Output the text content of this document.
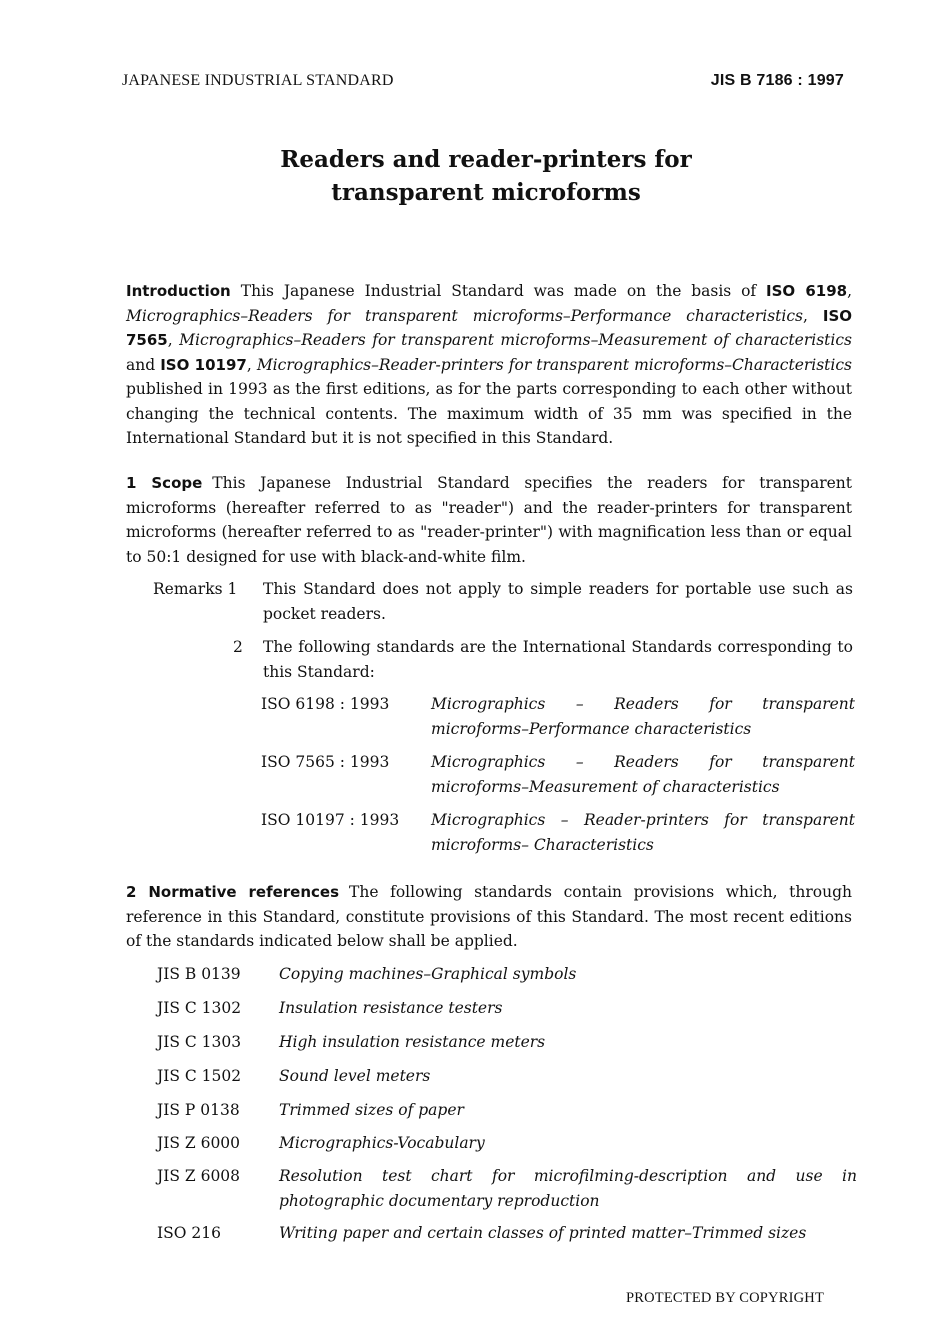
JAPANESE INDUSTRIAL STANDARD	JIS B 7186 : 1997
Readers and reader-printers for
transparent microforms
Introduction This Japanese Industrial Standard was made on the basis of ISO 6198, Micrographics–Readers for transparent microforms–Performance characteristics, ISO 7565, Micrographics–Readers for transparent microforms–Measurement of characteristics and ISO 10197, Micrographics–Reader-printers for transparent microforms–Characteristics published in 1993 as the first editions, as for the parts corresponding to each other without changing the technical contents. The maximum width of 35 mm was specified in the International Standard but it is not specified in this Standard.
1 Scope This Japanese Industrial Standard specifies the readers for transparent microforms (hereafter referred to as "reader") and the reader-printers for transparent microforms (hereafter referred to as "reader-printer") with magnification less than or equal to 50:1 designed for use with black-and-white film.
Remarks 1 This Standard does not apply to simple readers for portable use such as pocket readers.
2 The following standards are the International Standards corresponding to this Standard:
ISO 6198 : 1993	Micrographics – Readers for transparent microforms–Performance characteristics
ISO 7565 : 1993	Micrographics – Readers for transparent microforms–Measurement of characteristics
ISO 10197 : 1993 Micrographics – Reader-printers for transparent microforms– Characteristics
2 Normative references The following standards contain provisions which, through reference in this Standard, constitute provisions of this Standard. The most recent editions of the standards indicated below shall be applied.
JIS B 0139 Copying machines–Graphical symbols
JIS C 1302 Insulation resistance testers
JIS C 1303 High insulation resistance meters
JIS C 1502 Sound level meters
JIS P 0138	Trimmed sizes of paper
JIS Z 6000	Micrographics-Vocabulary
JIS Z 6008	Resolution test chart for microfilming-description and use in photographic documentary reproduction
ISO 216	Writing paper and certain classes of printed matter–Trimmed sizes
PROTECTED BY COPYRIGHT
